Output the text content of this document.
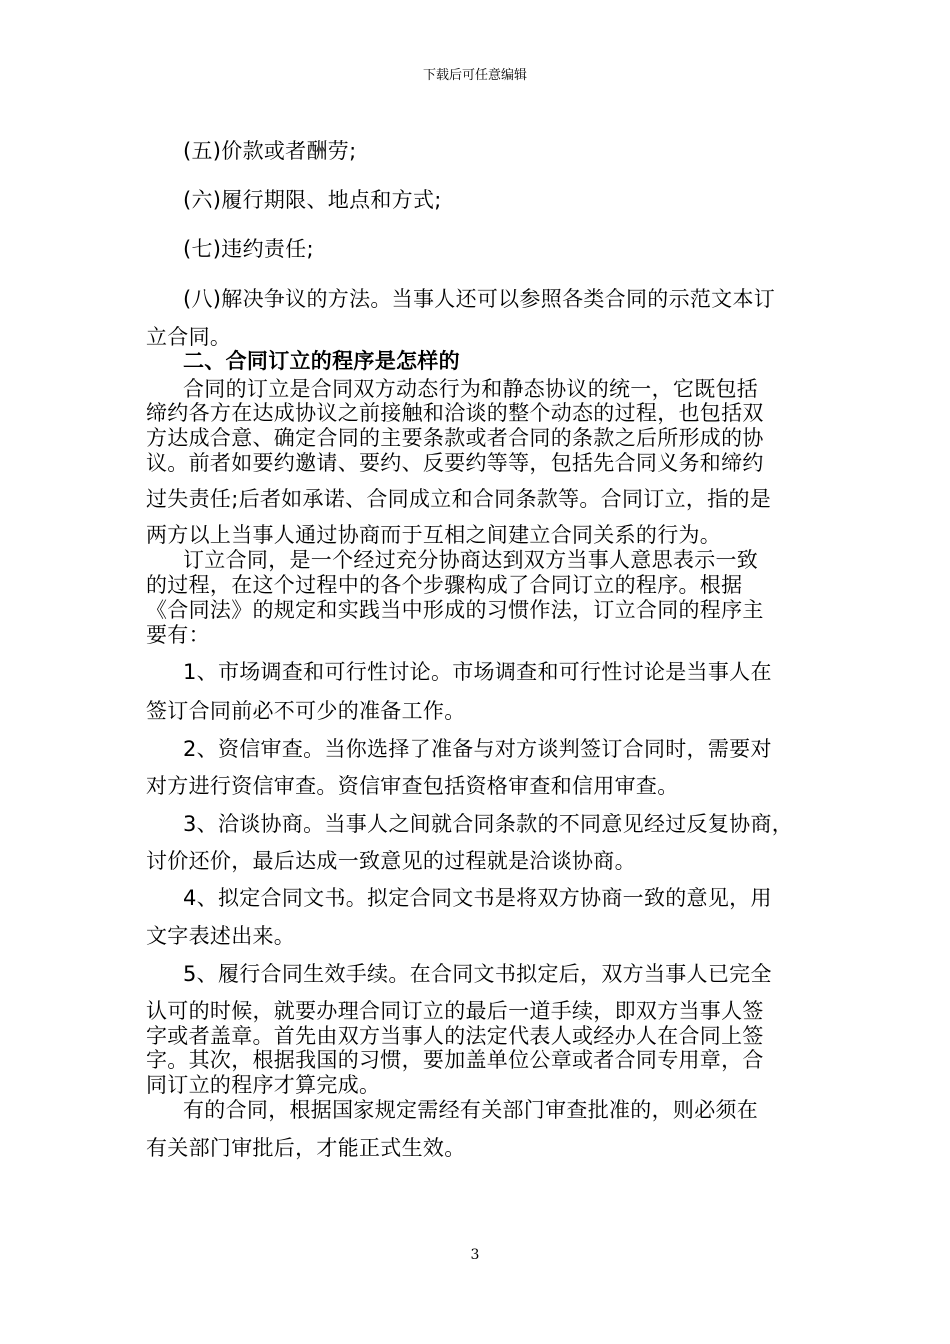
下载后可任意编辑
(五)价款或者酬劳;
(六)履行期限、地点和方式;
(七)违约责任;
(八)解决争议的方法。当事人还可以参照各类合同的示范文本订
立合同。
二、合同订立的程序是怎样的
合同的订立是合同双方动态行为和静态协议的统一，它既包括
缔约各方在达成协议之前接触和洽谈的整个动态的过程，也包括双
方达成合意、确定合同的主要条款或者合同的条款之后所形成的协
议。前者如要约邀请、要约、反要约等等，包括先合同义务和缔约
过失责任;后者如承诺、合同成立和合同条款等。合同订立，指的是
两方以上当事人通过协商而于互相之间建立合同关系的行为。
订立合同，是一个经过充分协商达到双方当事人意思表示一致
的过程，在这个过程中的各个步骤构成了合同订立的程序。根据
《合同法》的规定和实践当中形成的习惯作法，订立合同的程序主
要有：
1、市场调查和可行性讨论。市场调查和可行性讨论是当事人在
签订合同前必不可少的准备工作。
2、资信审查。当你选择了准备与对方谈判签订合同时，需要对
对方进行资信审查。资信审查包括资格审查和信用审查。
3、洽谈协商。当事人之间就合同条款的不同意见经过反复协商，
讨价还价，最后达成一致意见的过程就是洽谈协商。
4、拟定合同文书。拟定合同文书是将双方协商一致的意见，用
文字表述出来。
5、履行合同生效手续。在合同文书拟定后，双方当事人已完全
认可的时候，就要办理合同订立的最后一道手续，即双方当事人签
字或者盖章。首先由双方当事人的法定代表人或经办人在合同上签
字。其次，根据我国的习惯，要加盖单位公章或者合同专用章，合
同订立的程序才算完成。
有的合同，根据国家规定需经有关部门审查批准的，则必须在
有关部门审批后，才能正式生效。
3
